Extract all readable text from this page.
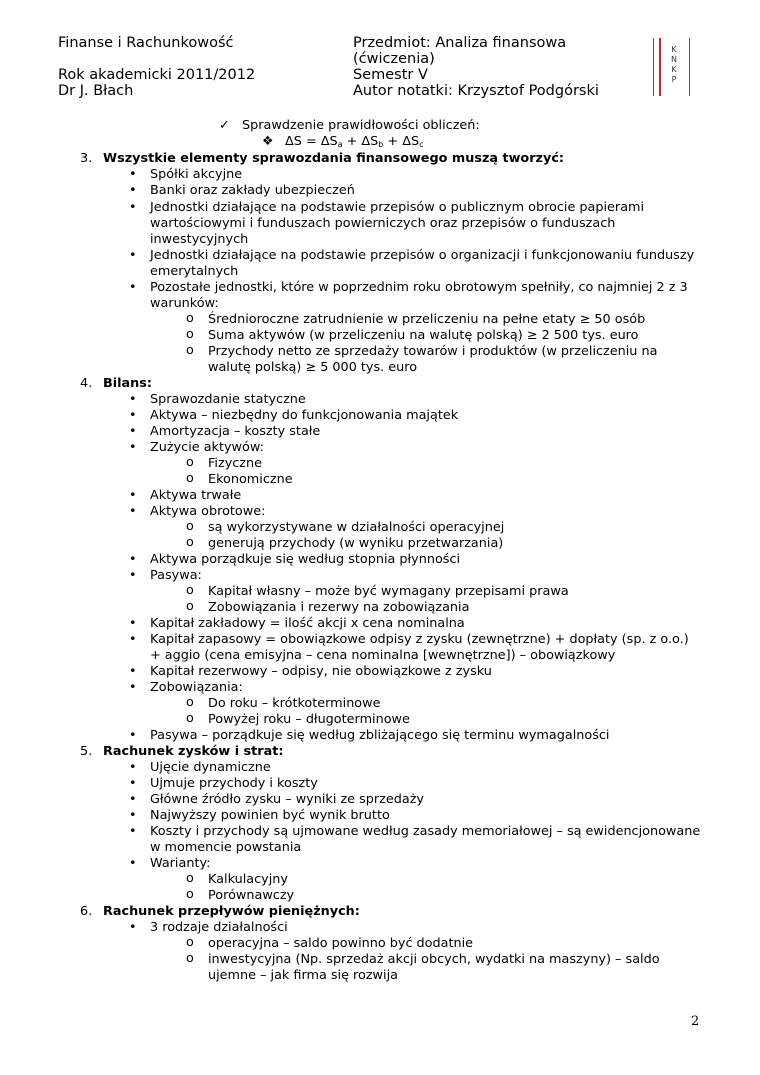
Finanse i Rachunkowość
Rok akademicki 2011/2012
Dr J. Błach
Przedmiot: Analiza finansowa
(ćwiczenia)
Semestr V
Autor notatki: Krzysztof Podgórski
K
N
K
P
✓ Sprawdzenie prawidłowości obliczeń:
❖ $\Delta S = \Delta S_a + \Delta S_b + \Delta S_c$
3. Wszystkie elementy sprawozdania finansowego muszą tworzyć:
• Spółki akcyjne
• Banki oraz zakłady ubezpieczeń
• Jednostki działające na podstawie przepisów o publicznym obrocie papierami
wartościowymi i funduszach powierniczych oraz przepisów o funduszach
inwestycyjnych
• Jednostki działające na podstawie przepisów o organizacji i funkcjonowaniu funduszy
emerytalnych
• Pozostałe jednostki, które w poprzednim roku obrotowym spełniły, co najmniej 2 z 3
warunków:
o Średnioroczne zatrudnienie w przeliczeniu na pełne etaty ≥ 50 osób
o Suma aktywów (w przeliczeniu na walutę polską) ≥ 2 500 tys. euro
o Przychody netto ze sprzedaży towarów i produktów (w przeliczeniu na
walutę polską) ≥ 5 000 tys. euro
4. Bilans:
• Sprawozdanie statyczne
• Aktywa – niezbędny do funkcjonowania majątek
• Amortyzacja – koszty stałe
• Zużycie aktywów:
o Fizyczne
o Ekonomiczne
• Aktywa trwałe
• Aktywa obrotowe:
o są wykorzystywane w działalności operacyjnej
o generują przychody (w wyniku przetwarzania)
• Aktywa porządkuje się według stopnia płynności
• Pasywa:
o Kapitał własny – może być wymagany przepisami prawa
o Zobowiązania i rezerwy na zobowiązania
• Kapitał zakładowy = ilość akcji x cena nominalna
• Kapitał zapasowy = obowiązkowe odpisy z zysku (zewnętrzne) + dopłaty (sp. z o.o.)
+ aggio (cena emisyjna – cena nominalna [wewnętrzne]) – obowiązkowy
• Kapitał rezerwowy – odpisy, nie obowiązkowe z zysku
• Zobowiązania:
o Do roku – krótkoterminowe
o Powyżej roku – długoterminowe
• Pasywa – porządkuje się według zbliżającego się terminu wymagalności
5. Rachunek zysków i strat:
• Ujęcie dynamiczne
• Ujmuje przychody i koszty
• Główne źródło zysku – wyniki ze sprzedaży
• Najwyższy powinien być wynik brutto
• Koszty i przychody są ujmowane według zasady memoriałowej – są ewidencjonowane
w momencie powstania
• Warianty:
o Kalkulacyjny
o Porównawczy
6. Rachunek przepływów pieniężnych:
• 3 rodzaje działalności
o operacyjna – saldo powinno być dodatnie
o inwestycyjna (Np. sprzedaż akcji obcych, wydatki na maszyny) – saldo
ujemne – jak firma się rozwija
2
